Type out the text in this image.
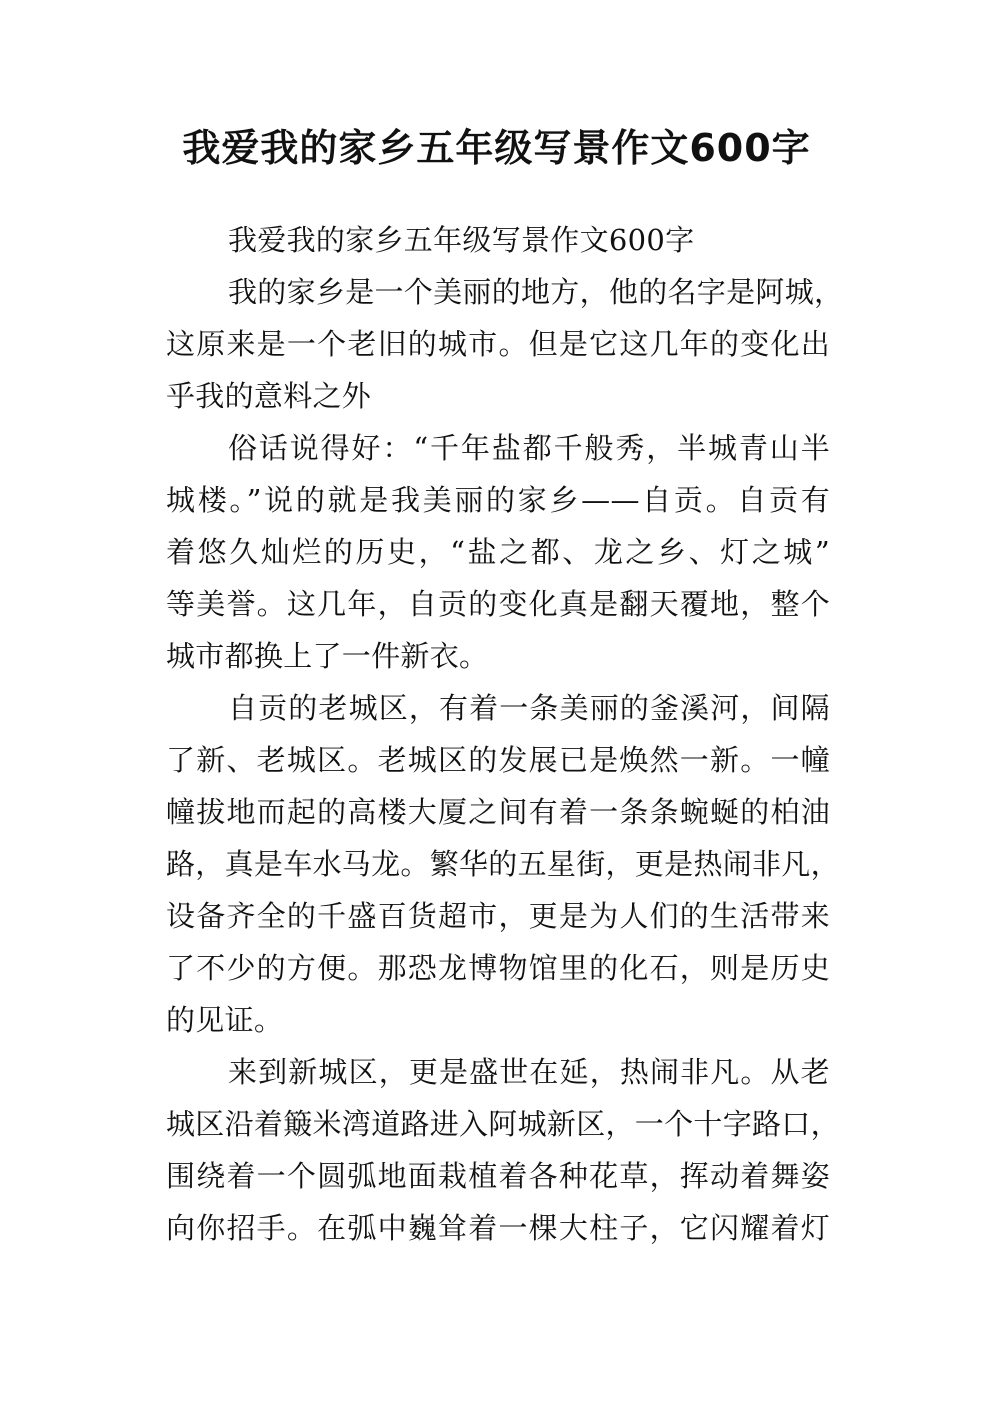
我爱我的家乡五年级写景作文600字
我爱我的家乡五年级写景作文600字
我的家乡是一个美丽的地方，他的名字是阿城，
这原来是一个老旧的城市。但是它这几年的变化出
乎我的意料之外
俗话说得好：“千年盐都千般秀，半城青山半
城楼。”说的就是我美丽的家乡——自贡。自贡有
着悠久灿烂的历史，“盐之都、龙之乡、灯之城”
等美誉。这几年，自贡的变化真是翻天覆地，整个
城市都换上了一件新衣。
自贡的老城区，有着一条美丽的釜溪河，间隔
了新、老城区。老城区的发展已是焕然一新。一幢
幢拔地而起的高楼大厦之间有着一条条蜿蜒的柏油
路，真是车水马龙。繁华的五星街，更是热闹非凡，
设备齐全的千盛百货超市，更是为人们的生活带来
了不少的方便。那恐龙博物馆里的化石，则是历史
的见证。
来到新城区，更是盛世在延，热闹非凡。从老
城区沿着簸米湾道路进入阿城新区，一个十字路口，
围绕着一个圆弧地面栽植着各种花草，挥动着舞姿
向你招手。在弧中巍耸着一棵大柱子，它闪耀着灯
